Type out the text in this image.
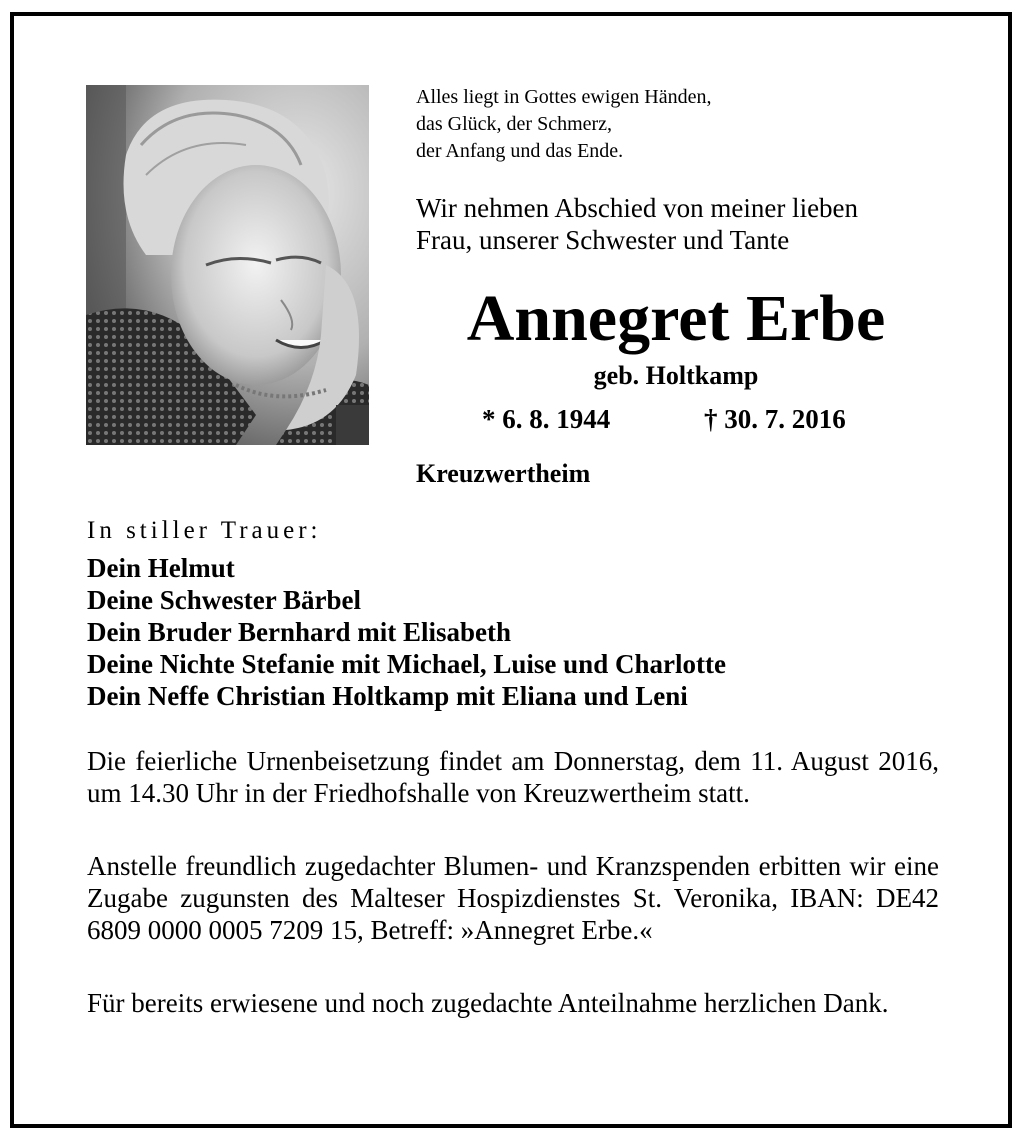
Alles liegt in Gottes ewigen Händen,
das Glück, der Schmerz,
der Anfang und das Ende.
Wir nehmen Abschied von meiner lieben
Frau, unserer Schwester und Tante
Annegret Erbe
geb. Holtkamp
* 6. 8. 1944	† 30. 7. 2016
Kreuzwertheim
In stiller Trauer:
Dein Helmut
Deine Schwester Bärbel
Dein Bruder Bernhard mit Elisabeth
Deine Nichte Stefanie mit Michael, Luise und Charlotte
Dein Neffe Christian Holtkamp mit Eliana und Leni
Die feierliche Urnenbeisetzung findet am Donnerstag, dem 11. August 2016, um 14.30 Uhr in der Friedhofshalle von Kreuzwertheim statt.
Anstelle freundlich zugedachter Blumen- und Kranzspenden erbitten wir eine Zugabe zugunsten des Malteser Hospizdienstes St. Veronika, IBAN: DE42 6809 0000 0005 7209 15, Betreff: »Annegret Erbe.«
Für bereits erwiesene und noch zugedachte Anteilnahme herzlichen Dank.
